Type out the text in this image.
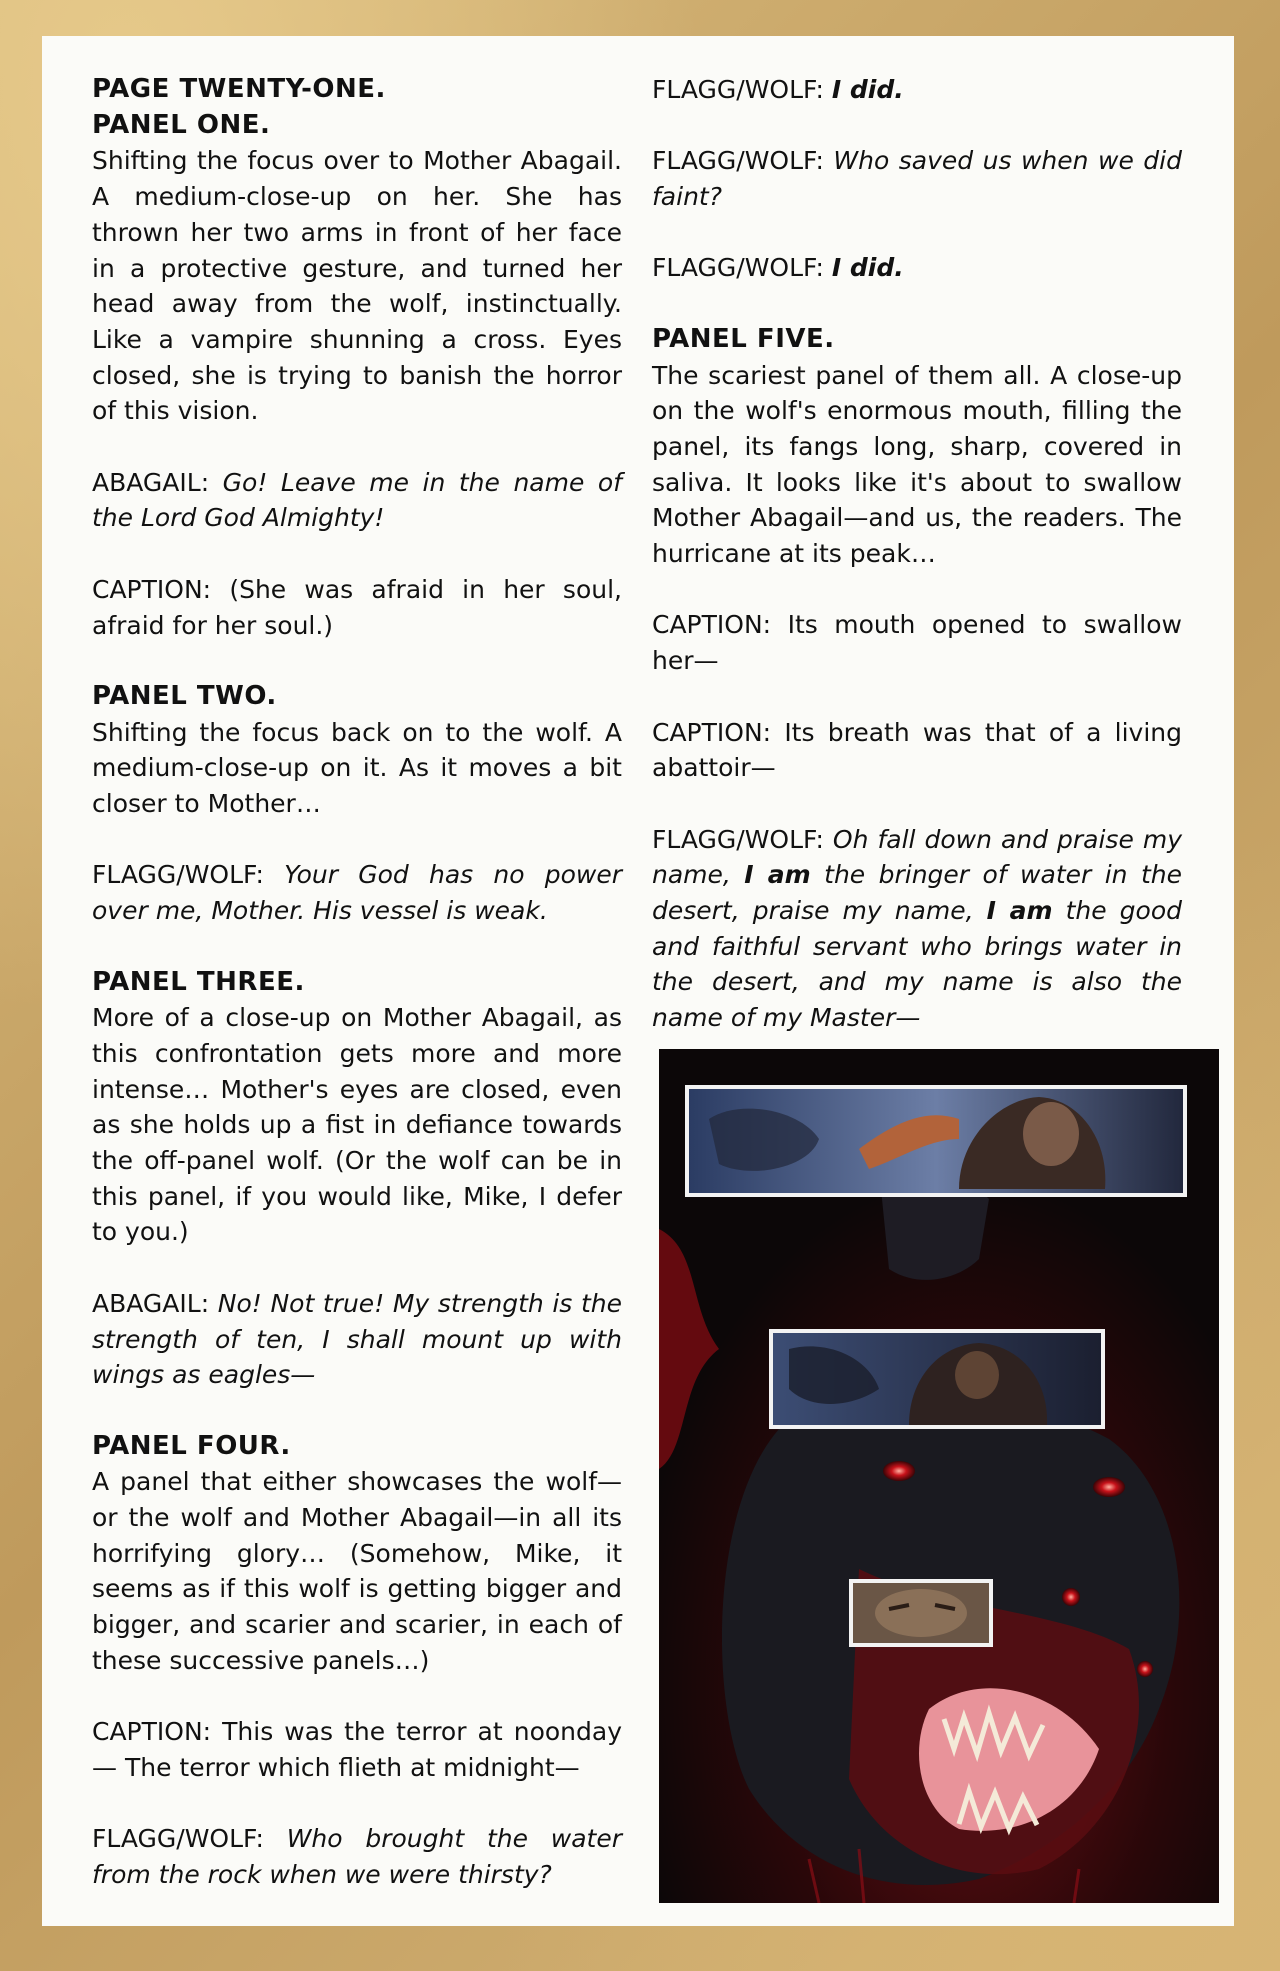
PAGE TWENTY-ONE.
PANEL ONE.

Shifting the focus over to Mother Abagail. A medium-close-up on her. She has thrown her two arms in front of her face in a protective gesture, and turned her head away from the wolf, instinctually. Like a vampire shunning a cross. Eyes closed, she is trying to banish the horror of this vision.

ABAGAIL: Go! Leave me in the name of the Lord God Almighty!
CAPTION: (She was afraid in her soul, afraid for her soul.)
PANEL TWO.

Shifting the focus back on to the wolf. A medium-close-up on it. As it moves a bit closer to Mother…

FLAGG/WOLF: Your God has no power over me, Mother. His vessel is weak.
PANEL THREE.

More of a close-up on Mother Abagail, as this confrontation gets more and more intense… Mother's eyes are closed, even as she holds up a fist in defiance towards the off-panel wolf. (Or the wolf can be in this panel, if you would like, Mike, I defer to you.)

ABAGAIL: No! Not true! My strength is the strength of ten, I shall mount up with wings as eagles—
PANEL FOUR.

A panel that either showcases the wolf— or the wolf and Mother Abagail—in all its horrifying glory… (Somehow, Mike, it seems as if this wolf is getting bigger and bigger, and scarier and scarier, in each of these successive panels…)

CAPTION: This was the terror at noonday— The terror which flieth at midnight—
FLAGG/WOLF: Who brought the water from the rock when we were thirsty?
FLAGG/WOLF: I did.
FLAGG/WOLF: Who saved us when we did faint?
FLAGG/WOLF: I did.
PANEL FIVE.

The scariest panel of them all. A close-up on the wolf's enormous mouth, filling the panel, its fangs long, sharp, covered in saliva. It looks like it's about to swallow Mother Abagail—and us, the readers. The hurricane at its peak…

CAPTION: Its mouth opened to swallow her—
CAPTION: Its breath was that of a living abattoir—
FLAGG/WOLF: Oh fall down and praise my name, I am the bringer of water in the desert, praise my name, I am the good and faithful servant who brings water in the desert, and my name is also the name of my Master—
